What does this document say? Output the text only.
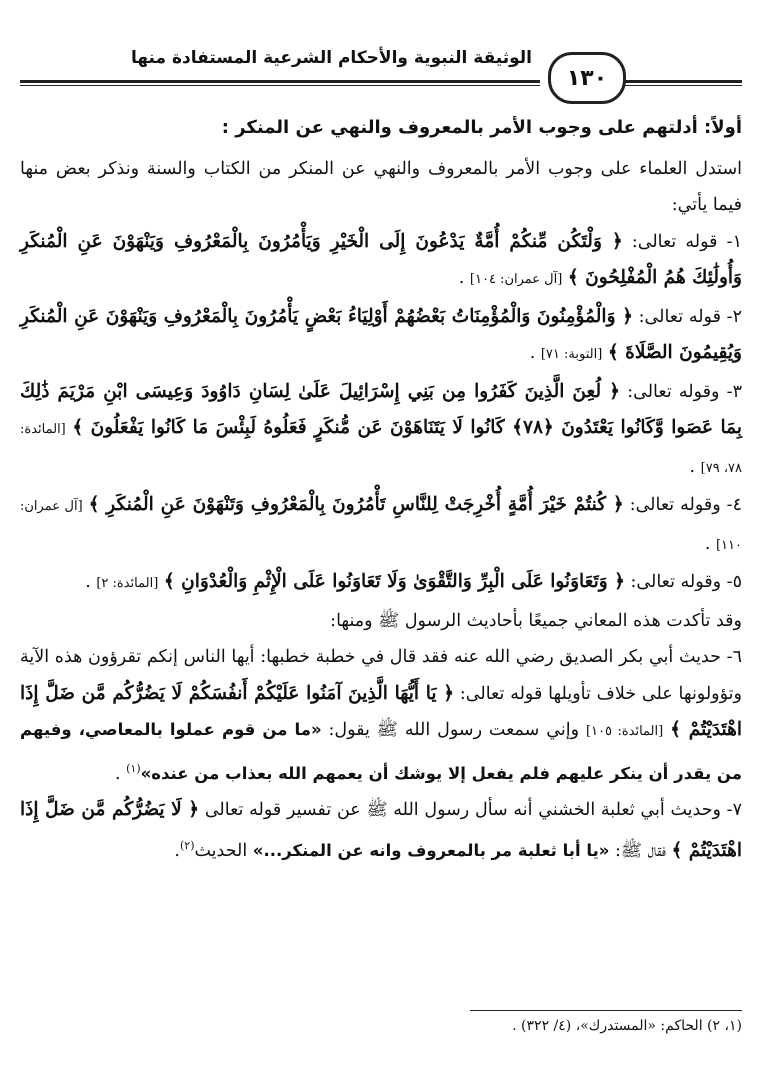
الوثيقة النبوية والأحكام الشرعية المستفادة منها
١٣٠

أولاً: أدلتهم على وجوب الأمر بالمعروف والنهي عن المنكر :

استدل العلماء على وجوب الأمر بالمعروف والنهي عن المنكر من الكتاب والسنة ونذكر بعض منها فيما يأتي:

١- قوله تعالى: ﴿ وَلْتَكُن مِّنكُمْ أُمَّةٌ يَدْعُونَ إِلَى الْخَيْرِ وَيَأْمُرُونَ بِالْمَعْرُوفِ وَيَنْهَوْنَ عَنِ الْمُنكَرِ وَأُولَٰئِكَ هُمُ الْمُفْلِحُونَ ﴾ [آل عمران: ١٠٤] .

٢- قوله تعالى: ﴿ وَالْمُؤْمِنُونَ وَالْمُؤْمِنَاتُ بَعْضُهُمْ أَوْلِيَاءُ بَعْضٍ يَأْمُرُونَ بِالْمَعْرُوفِ وَيَنْهَوْنَ عَنِ الْمُنكَرِ وَيُقِيمُونَ الصَّلَاةَ ﴾ [التوبة: ٧١] .

٣- وقوله تعالى: ﴿ لُعِنَ الَّذِينَ كَفَرُوا مِن بَنِي إِسْرَائِيلَ عَلَىٰ لِسَانِ دَاوُودَ وَعِيسَى ابْنِ مَرْيَمَ ذَٰلِكَ بِمَا عَصَوا وَّكَانُوا يَعْتَدُونَ ﴿٧٨﴾ كَانُوا لَا يَتَنَاهَوْنَ عَن مُّنكَرٍ فَعَلُوهُ لَبِئْسَ مَا كَانُوا يَفْعَلُونَ ﴾ [المائدة: ٧٨، ٧٩] .

٤- وقوله تعالى: ﴿ كُنتُمْ خَيْرَ أُمَّةٍ أُخْرِجَتْ لِلنَّاسِ تَأْمُرُونَ بِالْمَعْرُوفِ وَتَنْهَوْنَ عَنِ الْمُنكَرِ ﴾ [آل عمران: ١١٠] .

٥- وقوله تعالى: ﴿ وَتَعَاوَنُوا عَلَى الْبِرِّ وَالتَّقْوَىٰ وَلَا تَعَاوَنُوا عَلَى الْإِثْمِ وَالْعُدْوَانِ ﴾ [المائدة: ٢] .

وقد تأكدت هذه المعاني جميعًا بأحاديث الرسول ﷺ ومنها:

٦- حديث أبي بكر الصديق رضي الله عنه فقد قال في خطبة خطبها: أيها الناس إنكم تقرؤون هذه الآية وتؤولونها على خلاف تأويلها قوله تعالى: ﴿ يَا أَيُّهَا الَّذِينَ آمَنُوا عَلَيْكُمْ أَنفُسَكُمْ لَا يَضُرُّكُم مَّن ضَلَّ إِذَا اهْتَدَيْتُمْ ﴾ [المائدة: ١٠٥] وإني سمعت رسول الله ﷺ يقول: «ما من قوم عملوا بالمعاصي، وفيهم من يقدر أن ينكر عليهم فلم يفعل إلا يوشك أن يعمهم الله بعذاب من عنده»$^{(١)}$ .

٧- وحديث أبي ثعلبة الخشني أنه سأل رسول الله ﷺ عن تفسير قوله تعالى ﴿ لَا يَضُرُّكُم مَّن ضَلَّ إِذَا اهْتَدَيْتُمْ ﴾ فقال ﷺ: «يا أبا ثعلبة مر بالمعروف وانه عن المنكر...» الحديث$^{(٢)}$.

(١، ٢) الحاكم: «المستدرك»، (٤/ ٣٢٢) .
